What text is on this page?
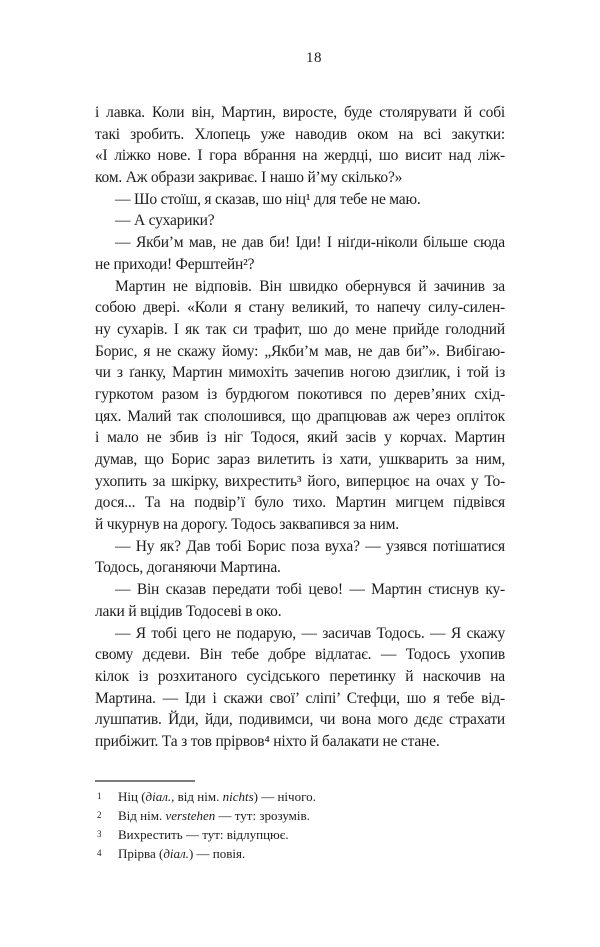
18
і лавка. Коли він, Мартин, виросте, буде столярувати й собі
такі зробить. Хлопець уже наводив оком на всі закутки:
«І ліжко нове. І гора вбрання на жердці, шо висит над ліж-
ком. Аж образи закриває. І нашо й’му скілько?»
— Шо стоїш, я сказав, шо ніц¹ для тебе не маю.
— А сухарики?
— Якби’м мав, не дав би! Іди! І ніґди-ніколи більше сюда
не приходи! Ферштейн²?
Мартин не відповів. Він швидко обернувся й зачинив за
собою двері. «Коли я стану великий, то напечу силу-силен-
ну сухарів. І як так си трафит, шо до мене прийде голодний
Борис, я не скажу йому: „Якби’м мав, не дав би”». Вибігаю-
чи з ґанку, Мартин мимохіть зачепив ногою дзиґлик, і той із
гуркотом разом із бурдюгом покотився по дерев’яних схід-
цях. Малий так сполошився, що драпцював аж через опліток
і мало не збив із ніг Тодося, який засів у корчах. Мартин
думав, що Борис зараз вилетить із хати, ушкварить за ним,
ухопить за шкірку, вихрестить³ його, виперцює на очах у То-
дося... Та на подвір’ї було тихо. Мартин мигцем підвівся
й чкурнув на дорогу. Тодось заквапився за ним.
— Ну як? Дав тобі Борис поза вуха? — узявся потішатися
Тодось, доганяючи Мартина.
— Він сказав передати тобі цево! — Мартин стиснув ку-
лаки й вцідив Тодосеві в око.
— Я тобі цего не подарую, — засичав Тодось. — Я скажу
свому дєдеви. Він тебе добре відлатає. — Тодось ухопив
кілок із розхитаного сусідського перетинку й наскочив на
Мартина. — Іди і скажи свої’ сліпі’ Стефци, шо я тебе від-
лушпатив. Йди, йди, подивимси, чи вона мого дєдє страхати
прибіжит. Та з тов прірвов⁴ ніхто й балакати не стане.
1 Ніц (діал., від нім. nichts) — нічого.
2 Від нім. verstehen — тут: зрозумів.
3 Вихрестить — тут: відлупцює.
4 Прірва (діал.) — повія.
